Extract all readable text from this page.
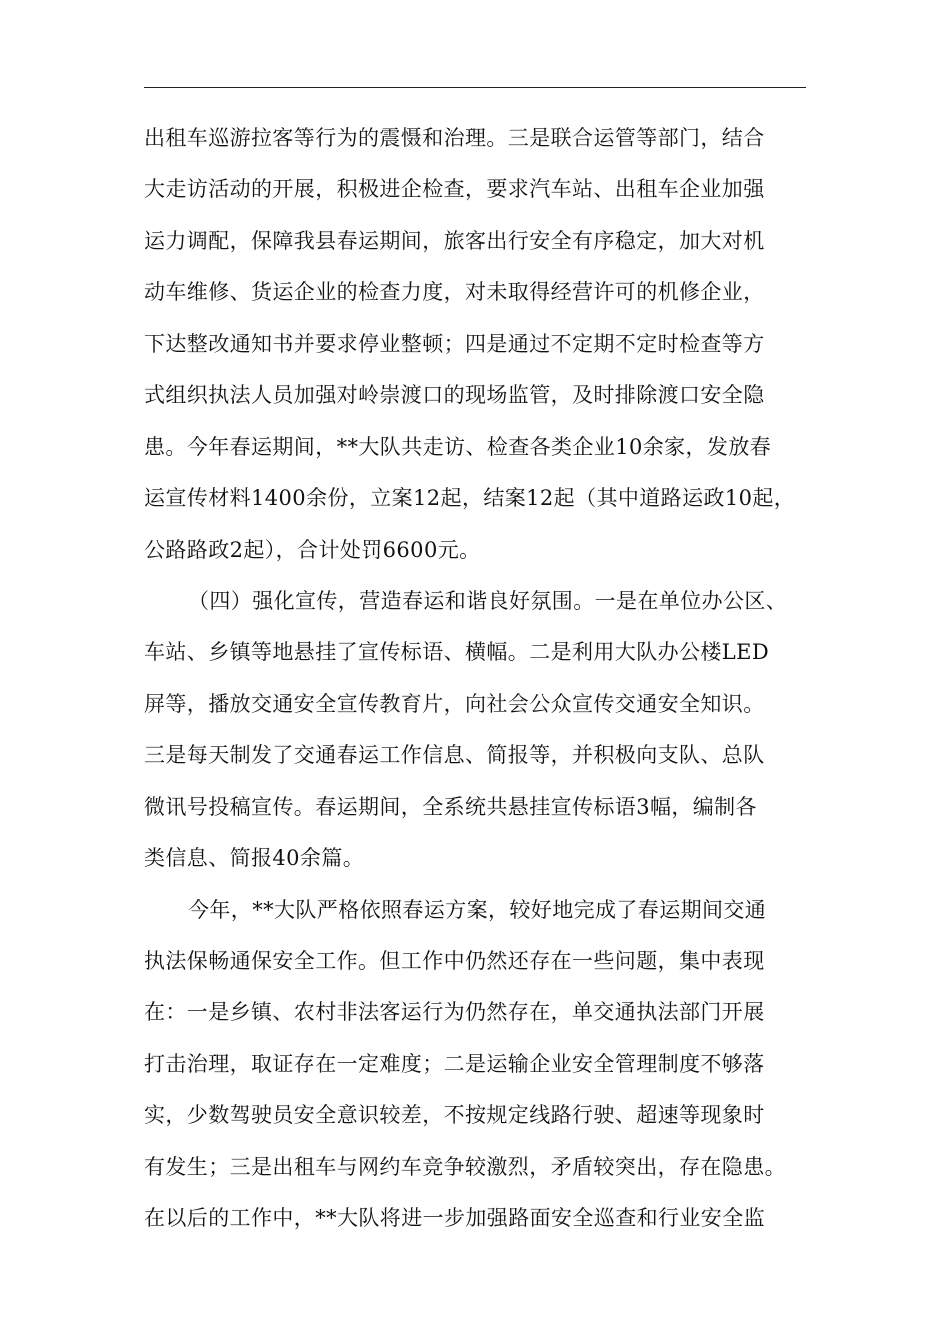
出租车巡游拉客等行为的震慑和治理。三是联合运管等部门，结合
大走访活动的开展，积极进企检查，要求汽车站、出租车企业加强
运力调配，保障我县春运期间，旅客出行安全有序稳定，加大对机
动车维修、货运企业的检查力度，对未取得经营许可的机修企业，
下达整改通知书并要求停业整顿；四是通过不定期不定时检查等方
式组织执法人员加强对岭崇渡口的现场监管，及时排除渡口安全隐
患。今年春运期间，**大队共走访、检查各类企业10余家，发放春
运宣传材料1400余份，立案12起，结案12起（其中道路运政10起，
公路路政2起），合计处罚6600元。
（四）强化宣传，营造春运和谐良好氛围。一是在单位办公区、
车站、乡镇等地悬挂了宣传标语、横幅。二是利用大队办公楼LED
屏等，播放交通安全宣传教育片，向社会公众宣传交通安全知识。
三是每天制发了交通春运工作信息、简报等，并积极向支队、总队
微讯号投稿宣传。春运期间，全系统共悬挂宣传标语3幅，编制各
类信息、简报40余篇。
今年，**大队严格依照春运方案，较好地完成了春运期间交通
执法保畅通保安全工作。但工作中仍然还存在一些问题，集中表现
在：一是乡镇、农村非法客运行为仍然存在，单交通执法部门开展
打击治理，取证存在一定难度；二是运输企业安全管理制度不够落
实，少数驾驶员安全意识较差，不按规定线路行驶、超速等现象时
有发生；三是出租车与网约车竞争较激烈，矛盾较突出，存在隐患。
在以后的工作中，**大队将进一步加强路面安全巡查和行业安全监
